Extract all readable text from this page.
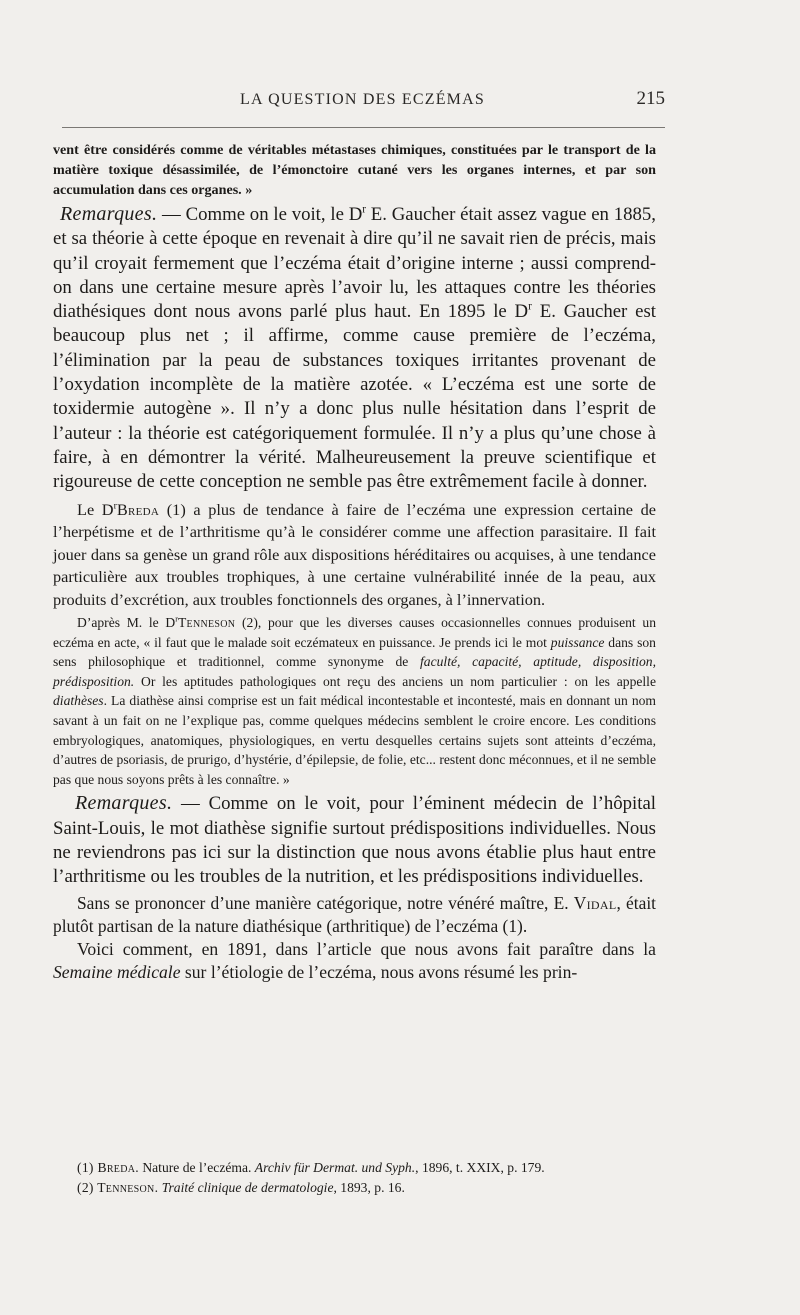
LA QUESTION DES ECZÉMAS	215

vent être considérés comme de véritables métastases chimiques, constituées par le transport de la matière toxique désassimilée, de l’émonctoire cutané vers les organes internes, et par son accumulation dans ces organes. »

Remarques. — Comme on le voit, le $D^r$ E. Gaucher était assez vague en 1885, et sa théorie à cette époque en revenait à dire qu’il ne savait rien de précis, mais qu’il croyait fermement que l’eczéma était d’origine interne ; aussi comprend-on dans une certaine mesure après l’avoir lu, les attaques contre les théories diathésiques dont nous avons parlé plus haut. En 1895 le $D^r$ E. Gaucher est beaucoup plus net ; il affirme, comme cause première de l’eczéma, l’élimination par la peau de substances toxiques irritantes provenant de l’oxydation incomplète de la matière azotée. « L’eczéma est une sorte de toxidermie autogène ». Il n’y a donc plus nulle hésitation dans l’esprit de l’auteur : la théorie est catégoriquement formulée. Il n’y a plus qu’une chose à faire, à en démontrer la vérité. Malheureusement la preuve scientifique et rigoureuse de cette conception ne semble pas être extrêmement facile à donner.

Le $D^rBreda$ (1) a plus de tendance à faire de l’eczéma une expression certaine de l’herpétisme et de l’arthritisme qu’à le considérer comme une affection parasitaire. Il fait jouer dans sa genèse un grand rôle aux dispositions héréditaires ou acquises, à une tendance particulière aux troubles trophiques, à une certaine vulnérabilité innée de la peau, aux produits d’excrétion, aux troubles fonctionnels des organes, à l’innervation.

D’après M. le $D^rTenneson$ (2), pour que les diverses causes occasionnelles connues produisent un eczéma en acte, « il faut que le malade soit eczémateux en puissance. Je prends ici le mot puissance dans son sens philosophique et traditionnel, comme synonyme de faculté, capacité, aptitude, disposition, prédisposition. Or les aptitudes pathologiques ont reçu des anciens un nom particulier : on les appelle diathèses. La diathèse ainsi comprise est un fait médical incontestable et incontesté, mais en donnant un nom savant à un fait on ne l’explique pas, comme quelques médecins semblent le croire encore. Les conditions embryologiques, anatomiques, physiologiques, en vertu desquelles certains sujets sont atteints d’eczéma, d’autres de psoriasis, de prurigo, d’hystérie, d’épilepsie, de folie, etc... restent donc méconnues, et il ne semble pas que nous soyons prêts à les connaître. »

Remarques. — Comme on le voit, pour l’éminent médecin de l’hôpital Saint-Louis, le mot diathèse signifie surtout prédispositions individuelles. Nous ne reviendrons pas ici sur la distinction que nous avons établie plus haut entre l’arthritisme ou les troubles de la nutrition, et les prédispositions individuelles.

Sans se prononcer d’une manière catégorique, notre vénéré maître, E. Vidal, était plutôt partisan de la nature diathésique (arthritique) de l’eczéma (1).

Voici comment, en 1891, dans l’article que nous avons fait paraître dans la Semaine médicale sur l’étiologie de l’eczéma, nous avons résumé les prin-

(1) Breda. Nature de l’eczéma. Archiv für Dermat. und Syph., 1896, t. XXIX, p. 179.

(2) Tenneson. Traité clinique de dermatologie, 1893, p. 16.
